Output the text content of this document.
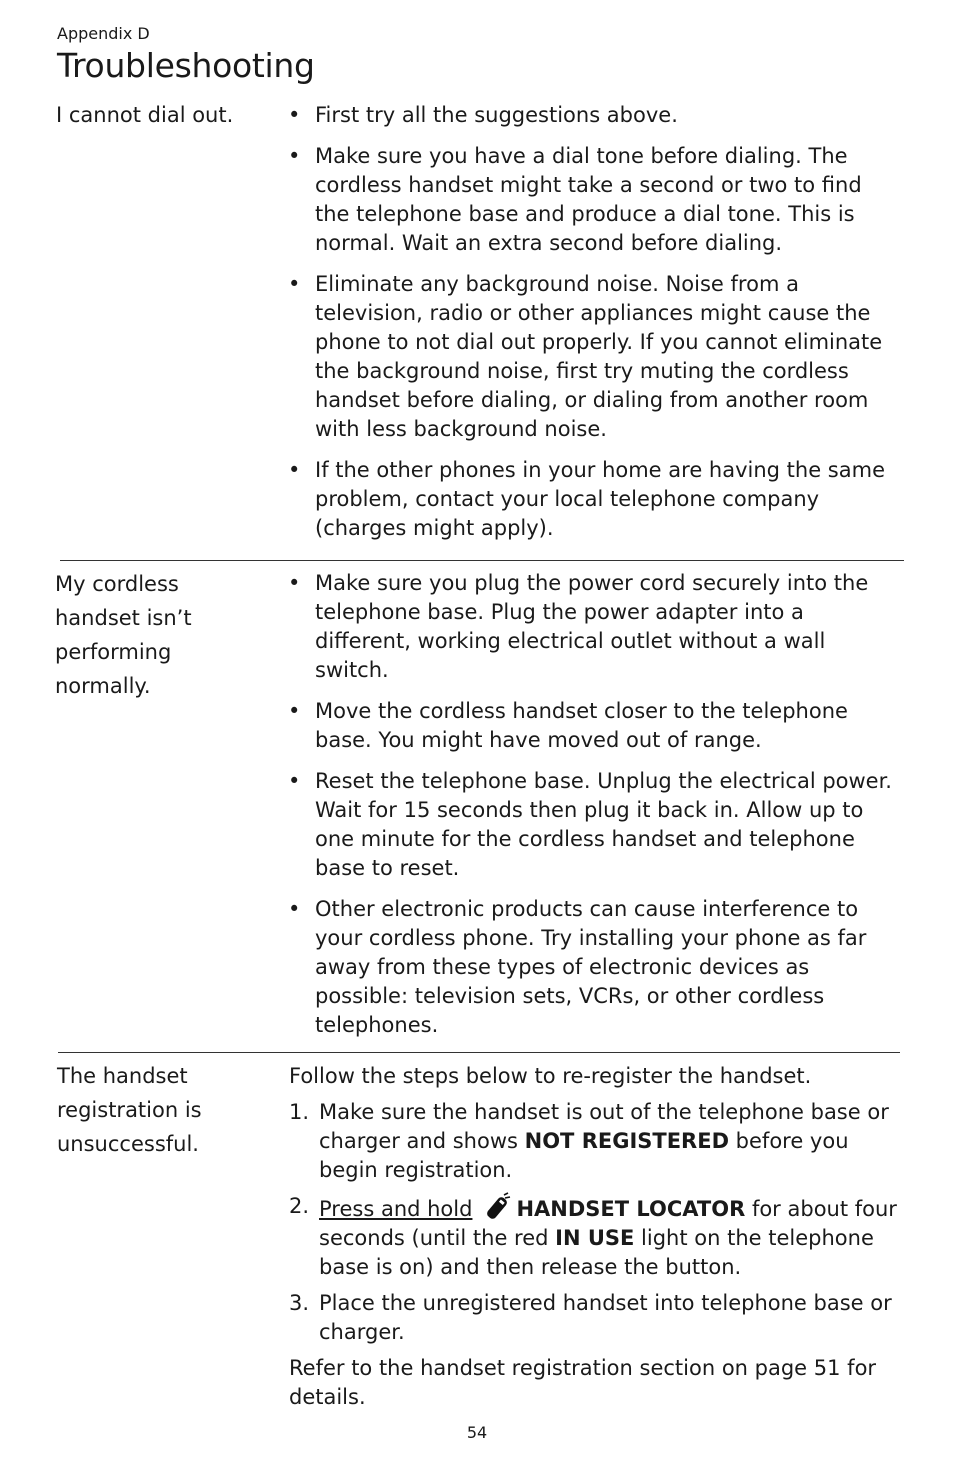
Appendix D
Troubleshooting
I cannot dial out.
•	First try all the suggestions above.
• Make sure you have a dial tone before dialing. The cordless handset might take a second or two to find the telephone base and produce a dial tone. This is normal. Wait an extra second before dialing.
• Eliminate any background noise. Noise from a television, radio or other appliances might cause the phone to not dial out properly. If you cannot eliminate the background noise, first try muting the cordless handset before dialing, or dialing from another room with less background noise.
• If the other phones in your home are having the same problem, contact your local telephone company (charges might apply).
My cordless handset isn’t performing normally.
• Make sure you plug the power cord securely into the telephone base. Plug the power adapter into a different, working electrical outlet without a wall switch.
• Move the cordless handset closer to the telephone base. You might have moved out of range.
• Reset the telephone base. Unplug the electrical power. Wait for 15 seconds then plug it back in. Allow up to one minute for the cordless handset and telephone base to reset.
• Other electronic products can cause interference to your cordless phone. Try installing your phone as far away from these types of electronic devices as possible: television sets, VCRs, or other cordless telephones.
The handset registration is unsuccessful.

Follow the steps below to re-register the handset.

1. Make sure the handset is out of the telephone base or charger and shows NOT REGISTERED before you begin registration.
2. Press and hold HANDSET LOCATOR for about four seconds (until the red IN USE light on the telephone base is on) and then release the button.
3. Place the unregistered handset into telephone base or charger.

Refer to the handset registration section on page 51 for details.

54
